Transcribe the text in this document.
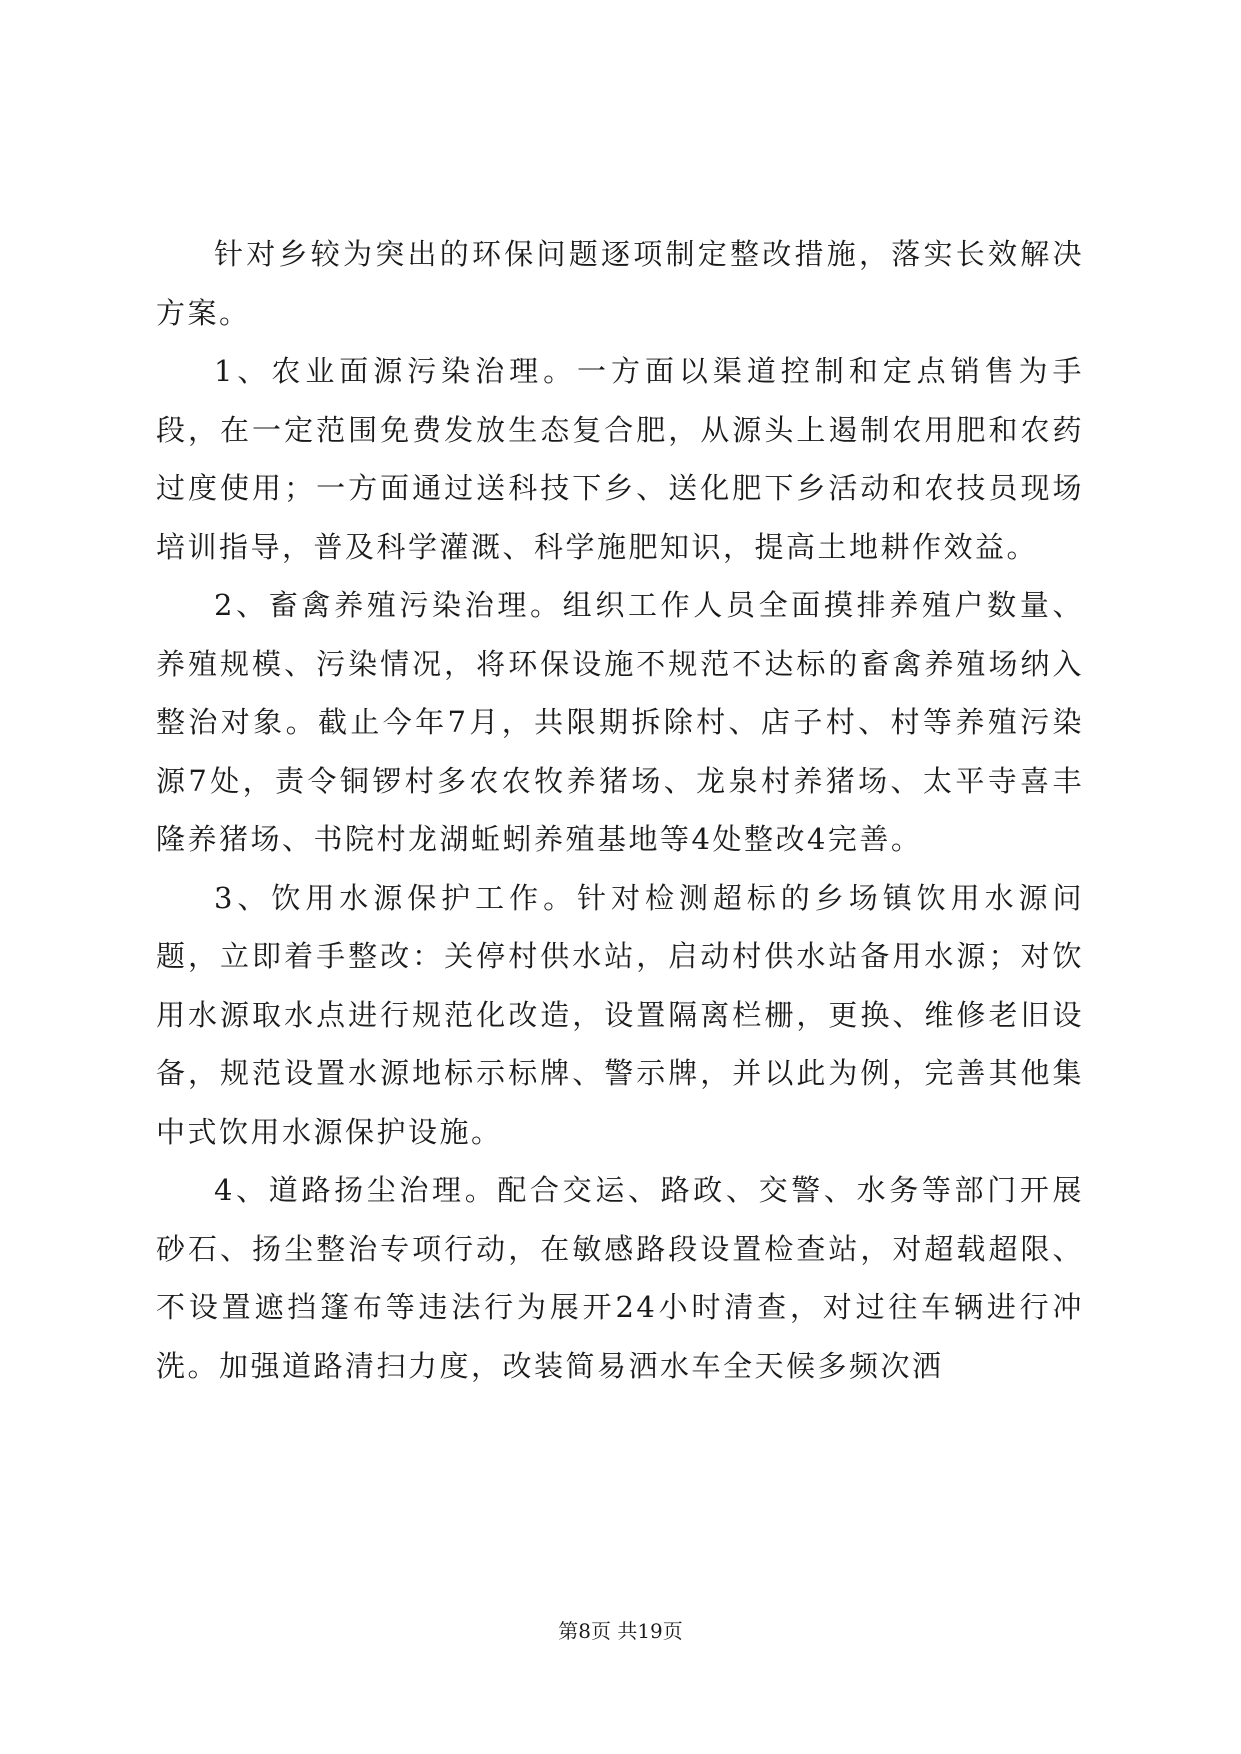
针对乡较为突出的环保问题逐项制定整改措施，落实长效解决方案。

1、农业面源污染治理。一方面以渠道控制和定点销售为手段，在一定范围免费发放生态复合肥，从源头上遏制农用肥和农药过度使用；一方面通过送科技下乡、送化肥下乡活动和农技员现场培训指导，普及科学灌溉、科学施肥知识，提高土地耕作效益。

2、畜禽养殖污染治理。组织工作人员全面摸排养殖户数量、养殖规模、污染情况，将环保设施不规范不达标的畜禽养殖场纳入整治对象。截止今年7月，共限期拆除村、店子村、村等养殖污染源7处，责令铜锣村多农农牧养猪场、龙泉村养猪场、太平寺喜丰隆养猪场、书院村龙湖蚯蚓养殖基地等4处整改4完善。

3、饮用水源保护工作。针对检测超标的乡场镇饮用水源问题，立即着手整改：关停村供水站，启动村供水站备用水源；对饮用水源取水点进行规范化改造，设置隔离栏栅，更换、维修老旧设备，规范设置水源地标示标牌、警示牌，并以此为例，完善其他集中式饮用水源保护设施。

4、道路扬尘治理。配合交运、路政、交警、水务等部门开展砂石、扬尘整治专项行动，在敏感路段设置检查站，对超载超限、不设置遮挡篷布等违法行为展开24小时清查，对过往车辆进行冲洗。加强道路清扫力度，改装简易洒水车全天候多频次洒

第8页 共19页
